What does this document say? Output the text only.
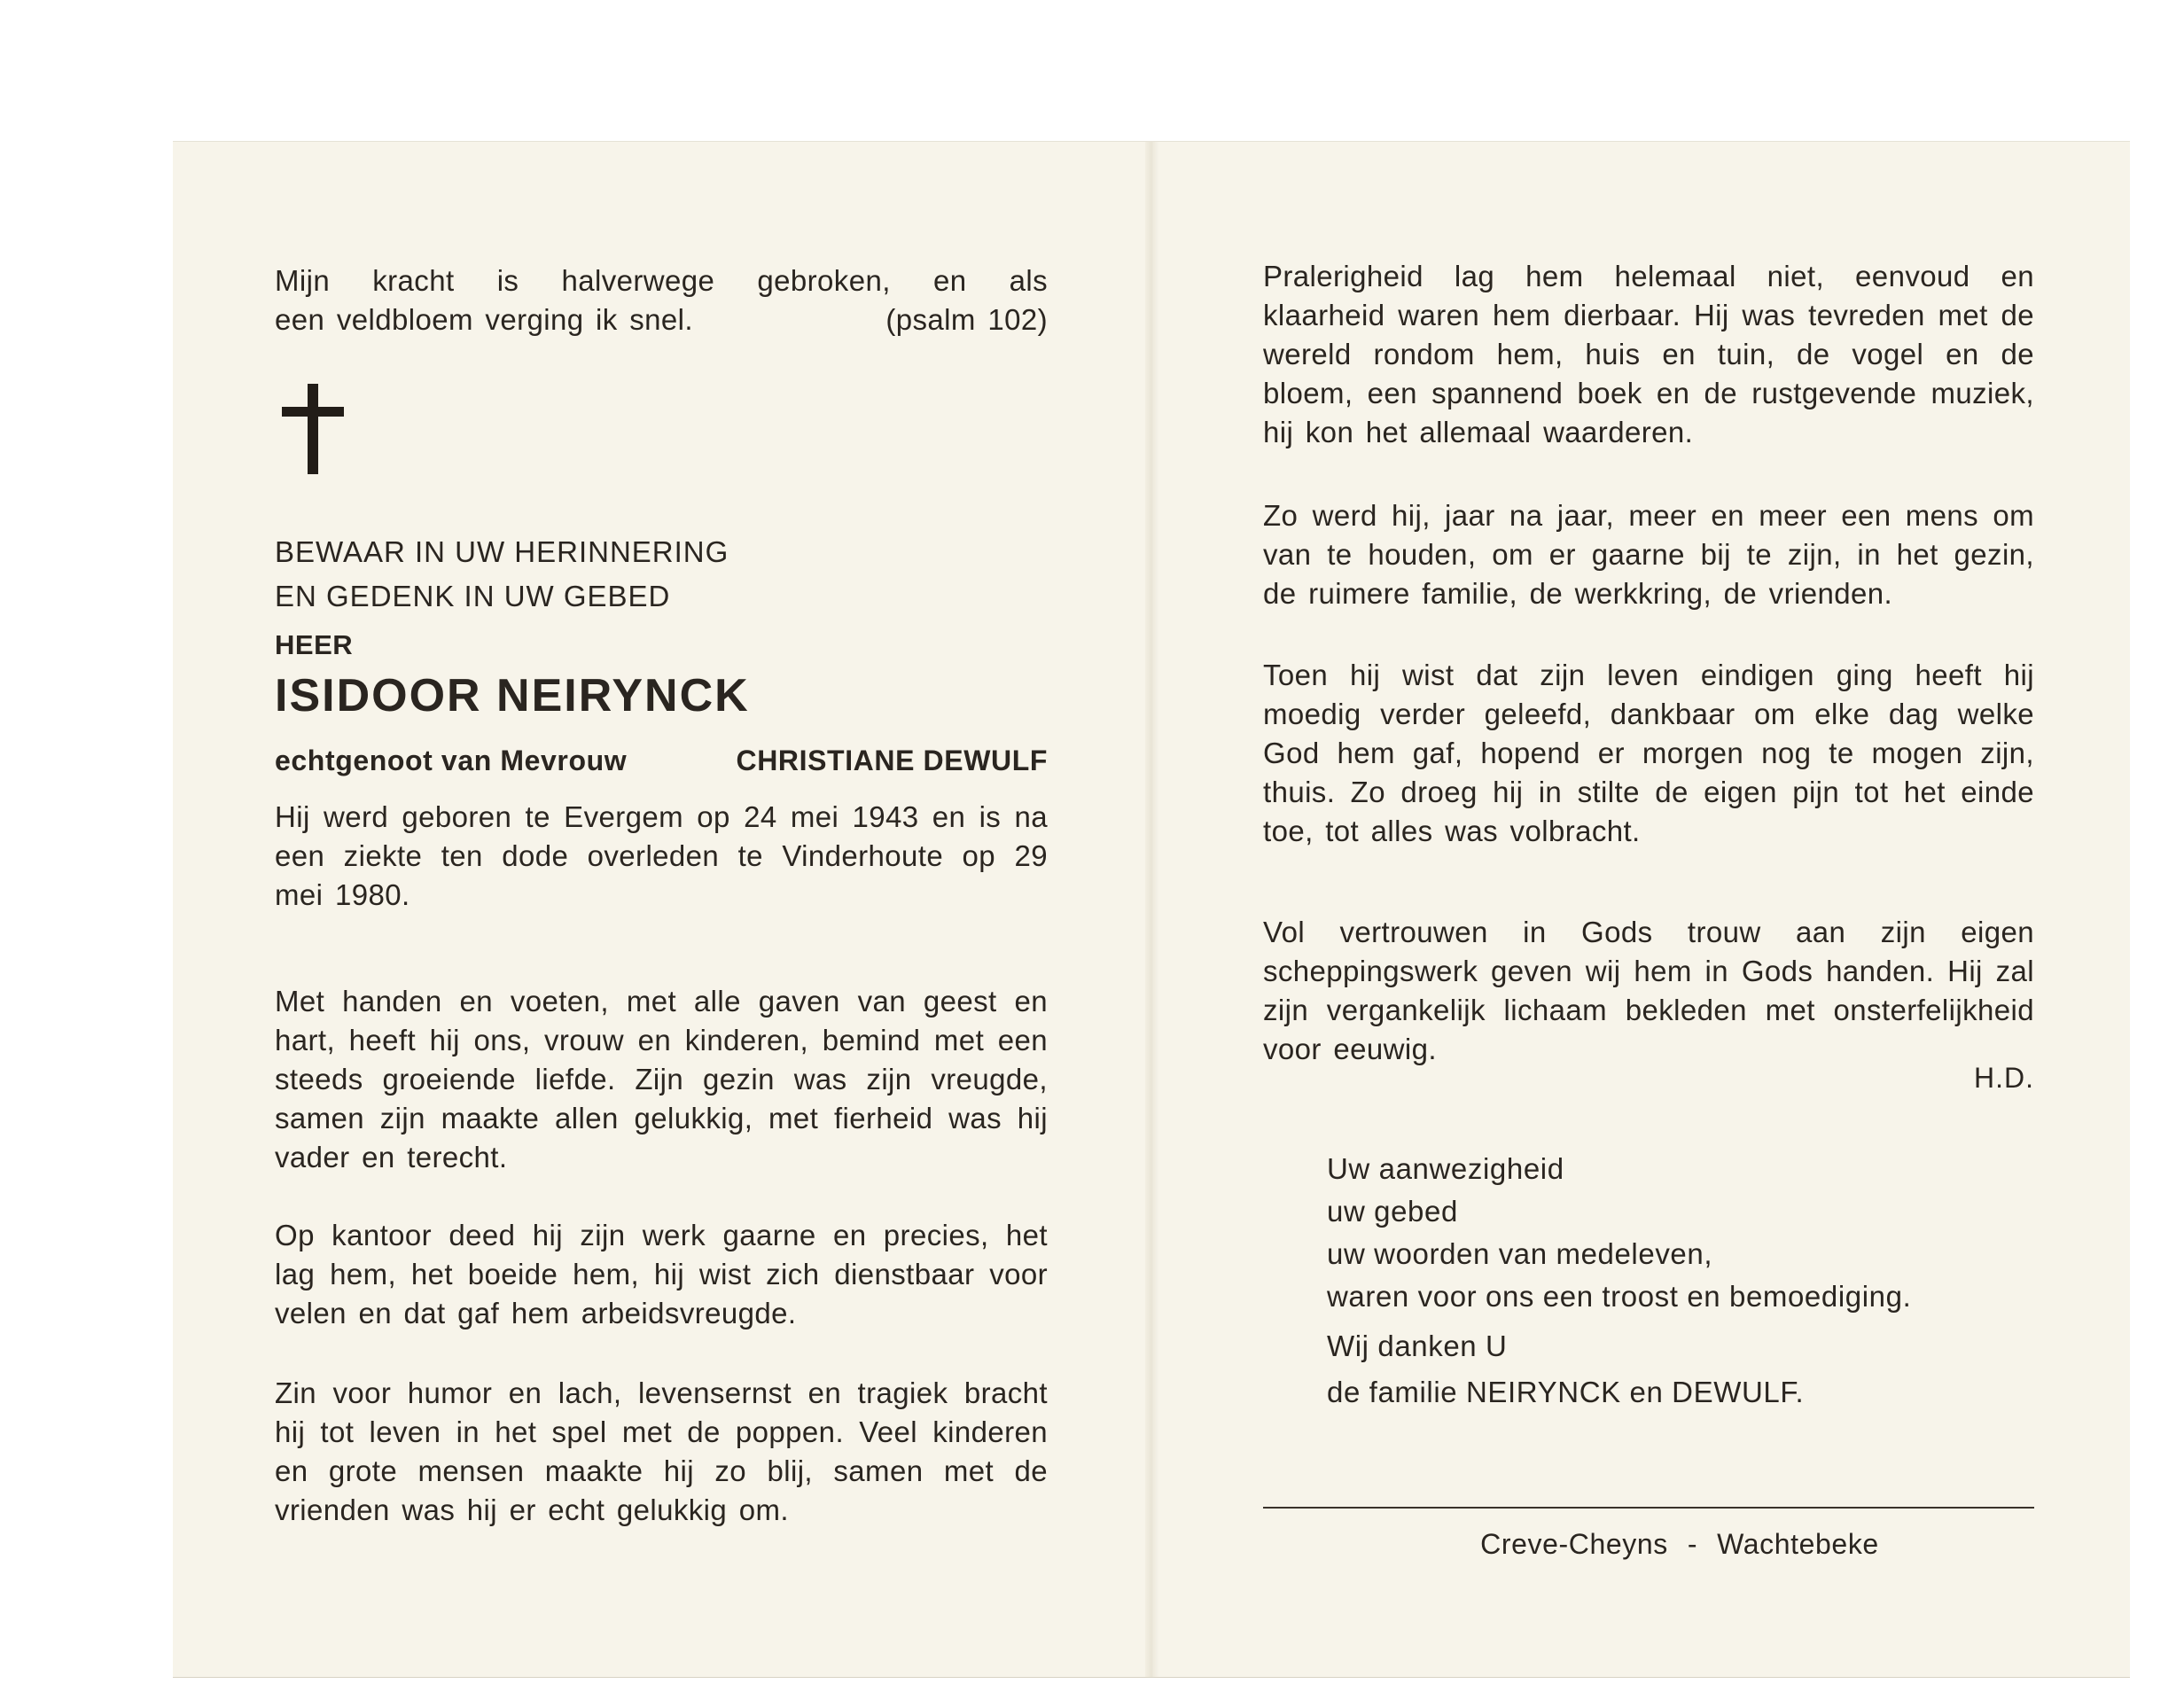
Mijn kracht is halverwege gebroken, en als
een veldbloem verging ik snel.	(psalm 102)
BEWAAR IN UW HERINNERING
EN GEDENK IN UW GEBED
HEER
ISIDOOR NEIRYNCK
echtgenoot van Mevrouw	CHRISTIANE DEWULF

Hij werd geboren te Evergem op 24 mei 1943 en is na een ziekte ten dode overleden te Vinderhoute op 29 mei 1980.

Met handen en voeten, met alle gaven van geest en hart, heeft hij ons, vrouw en kinderen, bemind met een steeds groeiende liefde. Zijn gezin was zijn vreugde, samen zijn maakte allen gelukkig, met fierheid was hij vader en terecht.

Op kantoor deed hij zijn werk gaarne en precies, het lag hem, het boeide hem, hij wist zich dienstbaar voor velen en dat gaf hem arbeidsvreugde.

Zin voor humor en lach, levensernst en tragiek bracht hij tot leven in het spel met de poppen. Veel kinderen en grote mensen maakte hij zo blij, samen met de vrienden was hij er echt gelukkig om.

Pralerigheid lag hem helemaal niet, eenvoud en klaarheid waren hem dierbaar. Hij was tevreden met de wereld rondom hem, huis en tuin, de vogel en de bloem, een spannend boek en de rustgevende muziek, hij kon het allemaal waarderen.

Zo werd hij, jaar na jaar, meer en meer een mens om van te houden, om er gaarne bij te zijn, in het gezin, de ruimere familie, de werkkring, de vrienden.

Toen hij wist dat zijn leven eindigen ging heeft hij moedig verder geleefd, dankbaar om elke dag welke God hem gaf, hopend er morgen nog te mogen zijn, thuis. Zo droeg hij in stilte de eigen pijn tot het einde toe, tot alles was volbracht.

Vol vertrouwen in Gods trouw aan zijn eigen scheppingswerk geven wij hem in Gods handen. Hij zal zijn vergankelijk lichaam bekleden met onsterfelijkheid voor eeuwig.

H.D.
Uw aanwezigheid
uw gebed
uw woorden van medeleven,
waren voor ons een troost en bemoediging.
Wij danken U
de familie NEIRYNCK en DEWULF.
Creve-Cheyns - Wachtebeke
